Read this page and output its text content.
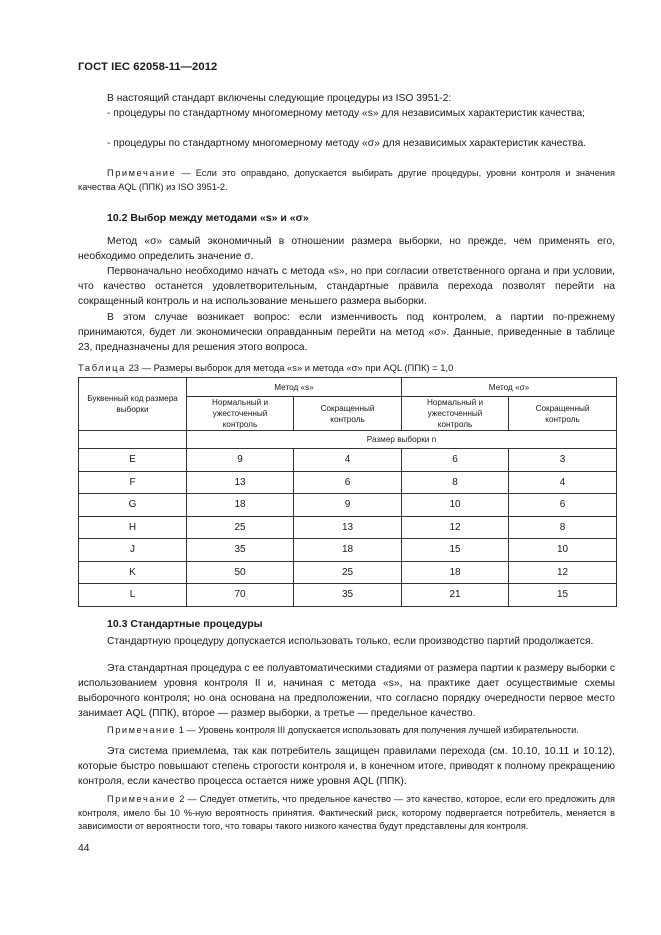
ГОСТ IEC 62058-11—2012
В настоящий стандарт включены следующие процедуры из ISO 3951-2:
- процедуры по стандартному многомерному методу «s» для независимых характеристик качества;
- процедуры по стандартному многомерному методу «σ» для независимых характеристик качества.
Примечание — Если это оправдано, допускается выбирать другие процедуры, уровни контроля и значения качества AQL (ППК) из ISO 3951-2.
10.2 Выбор между методами «s» и «σ»
Метод «σ» самый экономичный в отношении размера выборки, но прежде, чем применять его, необходимо определить значение σ.
Первоначально необходимо начать с метода «s», но при согласии ответственного органа и при условии, что качество останется удовлетворительным, стандартные правила перехода позволят перейти на сокращенный контроль и на использование меньшего размера выборки.
В этом случае возникает вопрос: если изменчивость под контролем, а партии по-прежнему принимаются, будет ли экономически оправданным перейти на метод «σ». Данные, приведенные в таблице 23, предназначены для решения этого вопроса.
Таблица 23 — Размеры выборок для метода «s» и метода «σ» при AQL (ППК) = 1,0
Буквенный код размера выборки	Метод «s»		Метод «σ»	
	Нормальный и ужесточенный контроль	Сокращенный контроль	Нормальный и ужесточенный контроль	Сокращенный контроль
	Размер выборки n			
E	9	4	6	3
F	13	6	8	4
G	18	9	10	6
H	25	13	12	8
J	35	18	15	10
K	50	25	18	12
L	70	35	21	15
10.3 Стандартные процедуры
Стандартную процедуру допускается использовать только, если производство партий продолжается.
Эта стандартная процедура с ее полуавтоматическими стадиями от размера партии к размеру выборки с использованием уровня контроля II и, начиная с метода «s», на практике дает осуществимые схемы выборочного контроля; но она основана на предположении, что согласно порядку очередности первое место занимает AQL (ППК), второе — размер выборки, а третье — предельное качество.
Примечание 1 — Уровень контроля III допускается использовать для получения лучшей избирательности.
Эта система приемлема, так как потребитель защищен правилами перехода (см. 10.10, 10.11 и 10.12), которые быстро повышают степень строгости контроля и, в конечном итоге, приводят к полному прекращению контроля, если качество процесса остается ниже уровня AQL (ППК).
Примечание 2 — Следует отметить, что предельное качество — это качество, которое, если его предложить для контроля, имело бы 10 %-ную вероятность принятия. Фактический риск, которому подвергается потребитель, меняется в зависимости от вероятности того, что товары такого низкого качества будут представлены для контроля.
44
